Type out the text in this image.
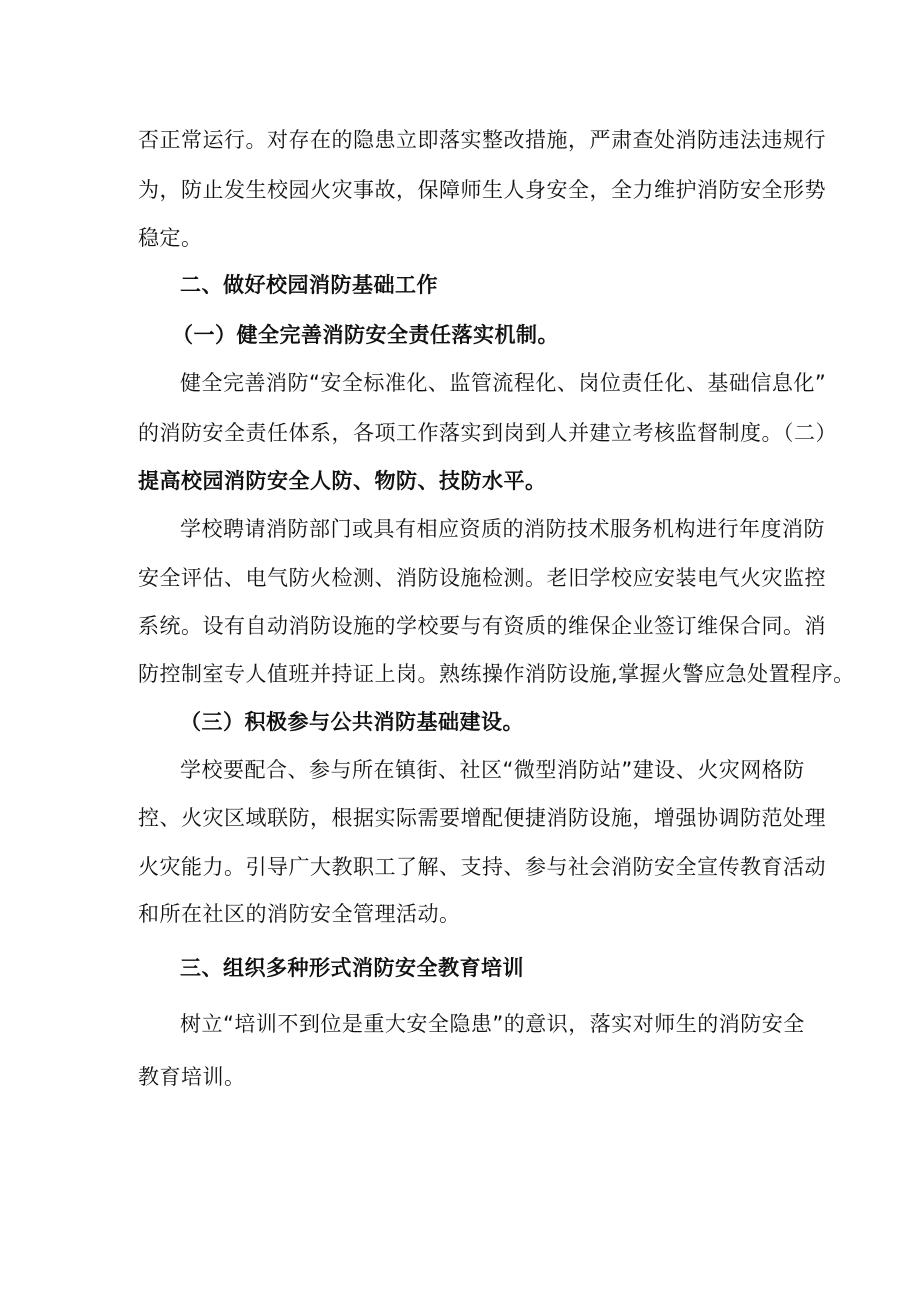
否正常运行。对存在的隐患立即落实整改措施，严肃查处消防违法违规行
为，防止发生校园火灾事故，保障师生人身安全，全力维护消防安全形势
稳定。
二、做好校园消防基础工作
（一）健全完善消防安全责任落实机制。
健全完善消防“安全标准化、监管流程化、岗位责任化、基础信息化”
的消防安全责任体系，各项工作落实到岗到人并建立考核监督制度。（二）
提高校园消防安全人防、物防、技防水平。
学校聘请消防部门或具有相应资质的消防技术服务机构进行年度消防
安全评估、电气防火检测、消防设施检测。老旧学校应安装电气火灾监控
系统。设有自动消防设施的学校要与有资质的维保企业签订维保合同。消
防控制室专人值班并持证上岗。熟练操作消防设施,掌握火警应急处置程序。
（三）积极参与公共消防基础建设。
学校要配合、参与所在镇街、社区“微型消防站”建设、火灾网格防
控、火灾区域联防，根据实际需要增配便捷消防设施，增强协调防范处理
火灾能力。引导广大教职工了解、支持、参与社会消防安全宣传教育活动
和所在社区的消防安全管理活动。
三、组织多种形式消防安全教育培训
树立“培训不到位是重大安全隐患”的意识，落实对师生的消防安全
教育培训。
